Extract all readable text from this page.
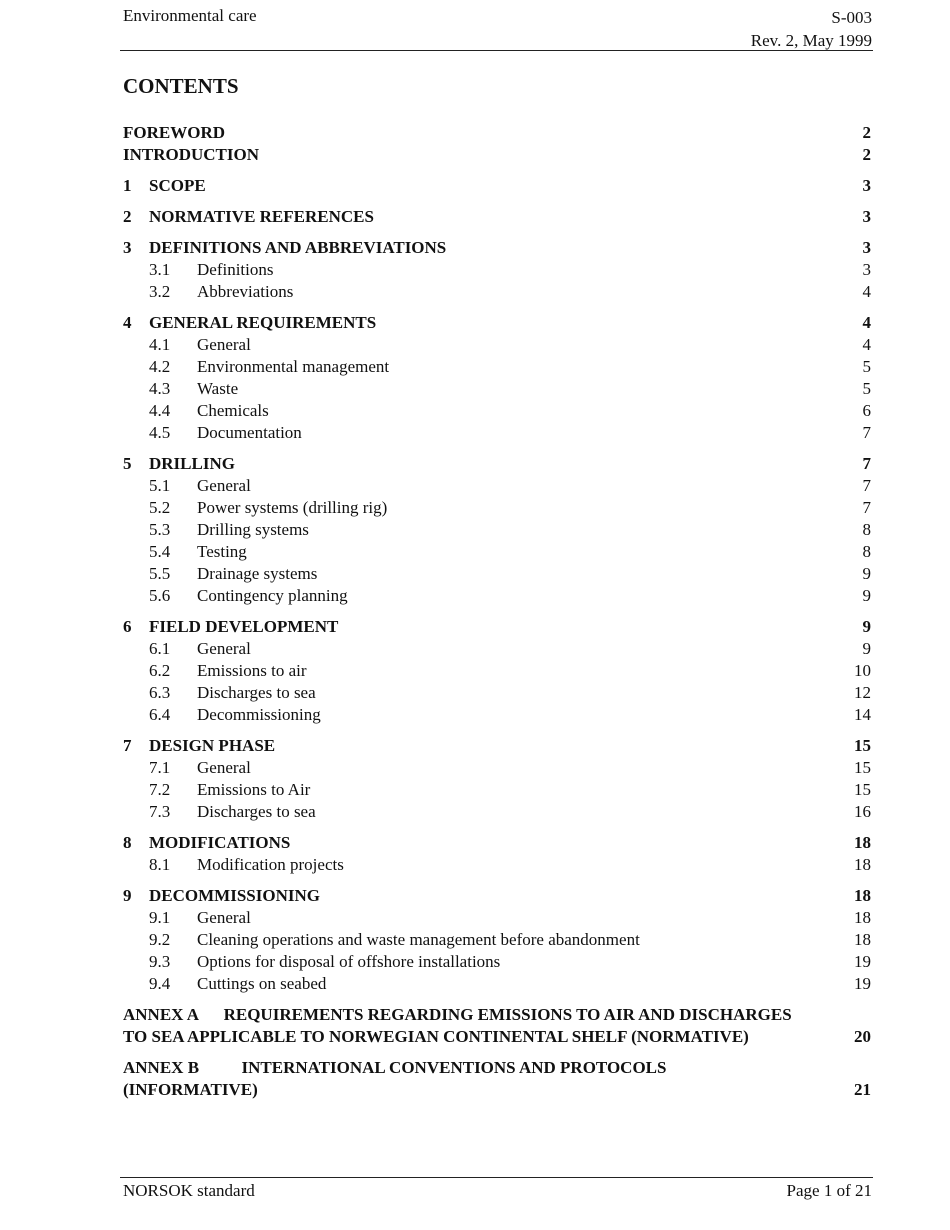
Environmental care	S-003
Rev. 2, May 1999
CONTENTS
FOREWORD	2
INTRODUCTION	2
1 SCOPE	3
2 NORMATIVE REFERENCES	3
3 DEFINITIONS AND ABBREVIATIONS	3
3.1 Definitions	3
3.2 Abbreviations	4
4 GENERAL REQUIREMENTS	4
4.1 General	4
4.2 Environmental management	5
4.3 Waste	5
4.4 Chemicals	6
4.5 Documentation	7
5 DRILLING	7
5.1 General	7
5.2 Power systems (drilling rig)	7
5.3 Drilling systems	8
5.4 Testing	8
5.5 Drainage systems	9
5.6 Contingency planning	9
6 FIELD DEVELOPMENT	9
6.1 General	9
6.2 Emissions to air	10
6.3 Discharges to sea	12
6.4 Decommissioning	14
7 DESIGN PHASE	15
7.1 General	15
7.2 Emissions to Air	15
7.3 Discharges to sea	16
8 MODIFICATIONS	18
8.1 Modification projects	18
9 DECOMMISSIONING	18
9.1 General	18
9.2 Cleaning operations and waste management before abandonment	18
9.3 Options for disposal of offshore installations	19
9.4 Cuttings on seabed	19
ANNEX A      REQUIREMENTS REGARDING EMISSIONS TO AIR AND DISCHARGES
TO SEA APPLICABLE TO NORWEGIAN CONTINENTAL SHELF (NORMATIVE)	20
ANNEX B          INTERNATIONAL CONVENTIONS AND PROTOCOLS
(INFORMATIVE)	21
NORSOK standard	Page 1 of 21
